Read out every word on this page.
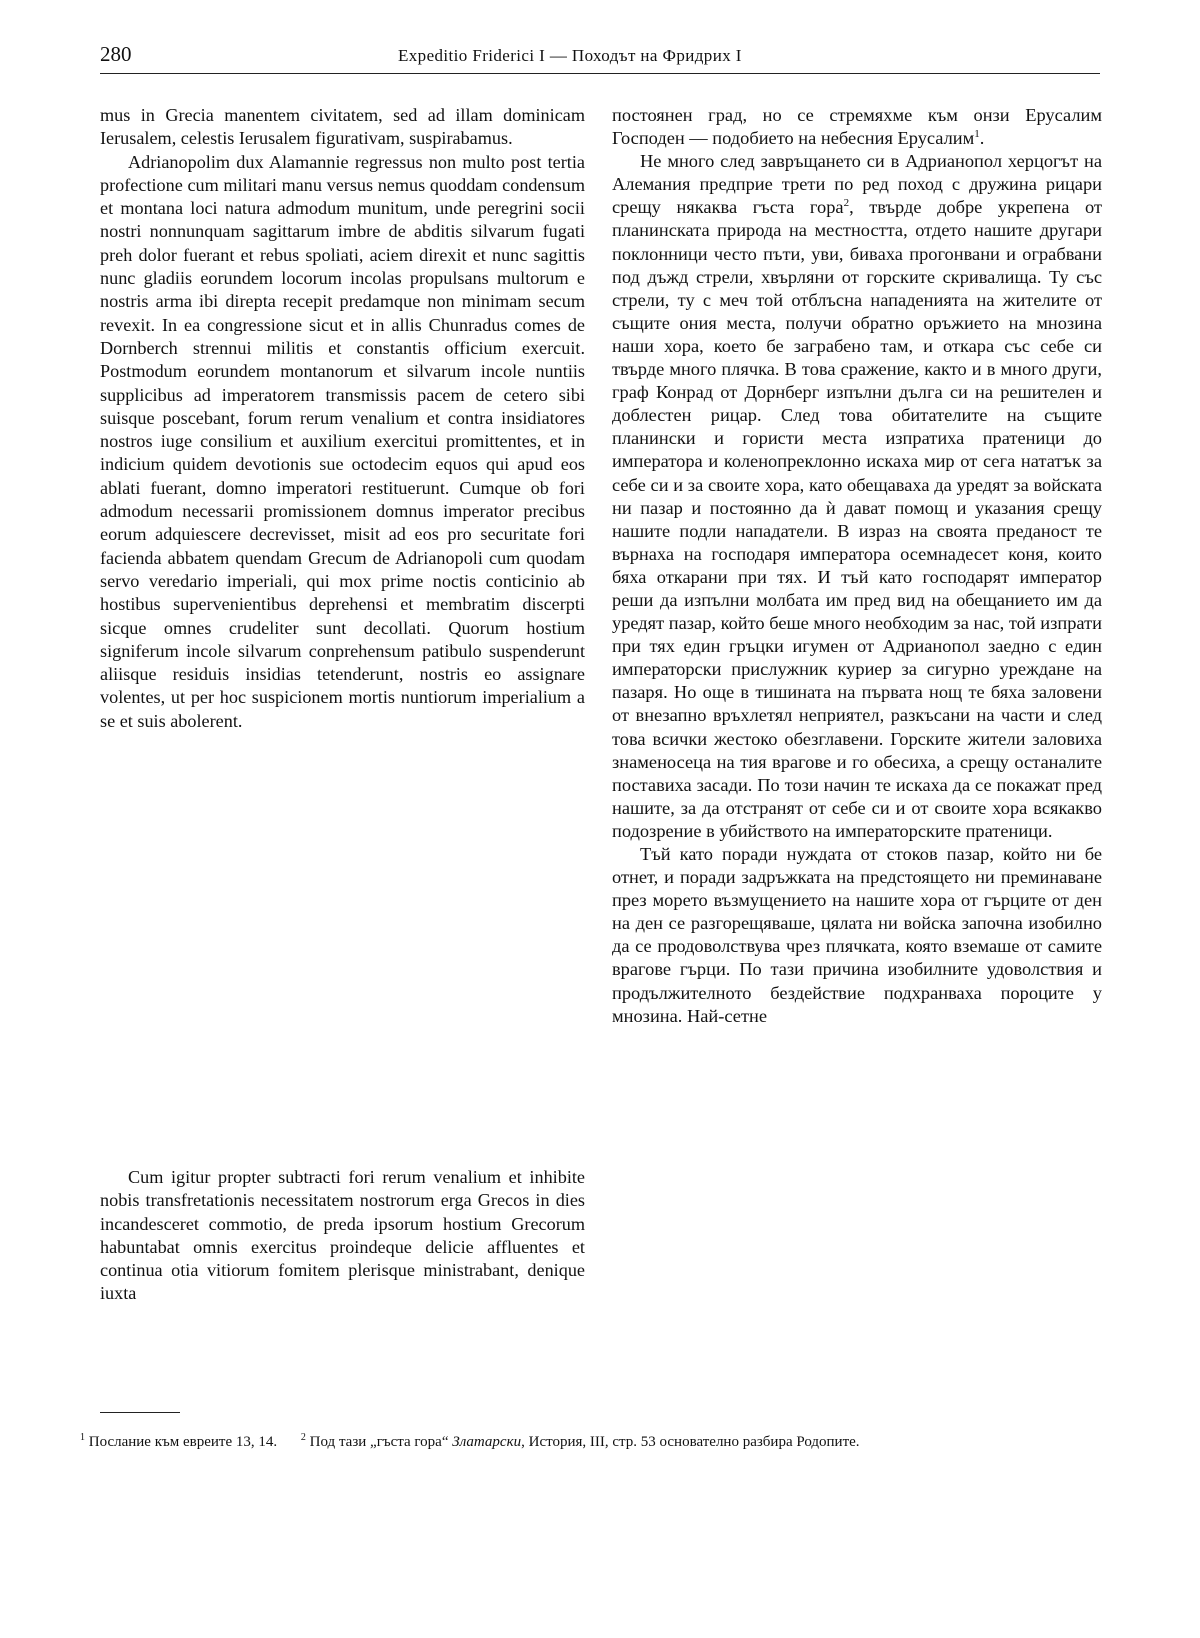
280	Expeditio Friderici I — Походът на Фридрих I

mus in Grecia manentem civitatem, sed ad illam dominicam Ierusalem, celestis Ierusalem figurativam, suspirabamus.

Adrianopolim dux Alamannie regressus non multo post tertia profectione cum militari manu versus nemus quoddam condensum et montana loci natura admodum munitum, unde peregrini socii nostri nonnunquam sagittarum imbre de abditis silvarum fugati preh dolor fuerant et rebus spoliati, aciem direxit et nunc sagittis nunc gladiis eorundem locorum incolas propulsans multorum e nostris arma ibi direpta recepit predamque non minimam secum revexit. In ea congressione sicut et in allis Chunradus comes de Dornberch strennui militis et constantis officium exercuit. Postmodum eorundem montanorum et silvarum incole nuntiis supplicibus ad imperatorem transmissis pacem de cetero sibi suisque poscebant, forum rerum venalium et contra insidiatores nostros iuge consilium et auxilium exercitui promittentes, et in indicium quidem devotionis sue octodecim equos qui apud eos ablati fuerant, domno imperatori restituerunt. Cumque ob fori admodum necessarii promissionem domnus imperator precibus eorum adquiescere decrevisset, misit ad eos pro securitate fori facienda abbatem quendam Grecum de Adrianopoli cum quodam servo veredario imperiali, qui mox prime noctis conticinio ab hostibus supervenientibus deprehensi et membratim discerpti sicque omnes crudeliter sunt decollati. Quorum hostium signiferum incole silvarum conprehensum patibulo suspenderunt aliisque residuis insidias tetenderunt, nostris eo assignare volentes, ut per hoc suspicionem mortis nuntiorum imperialium a se et suis abolerent.

Cum igitur propter subtracti fori rerum venalium et inhibite nobis transfretationis necessitatem nostrorum erga Grecos in dies incandesceret commotio, de preda ipsorum hostium Grecorum habuntabat omnis exercitus proindeque delicie affluentes et continua otia vitiorum fomitem plerisque ministrabant, denique iuxta

постоянен град, но се стремяхме към онзи Ерусалим Господен — подобието на небесния Ерусалим$^1$.

Не много след завръщането си в Адрианопол херцогът на Алемания предприе трети по ред поход с дружина рицари срещу някаква гъста гора$^2$, твърде добре укрепена от планинската природа на местността, отдето нашите другари поклонници често пъти, уви, бивaха прогонвани и ограбвани под дъжд стрели, хвърляни от горските скривалища. Ту със стрели, ту с меч той отблъсна нападенията на жителите от същите ония места, получи обратно оръжието на мнозина наши хора, което бе заграбено там, и откара със себе си твърде много плячка. В това сражение, както и в много други, граф Конрад от Дорнберг изпълни дълга си на решителен и доблестен рицар. След това обитателите на същите планински и гористи места изпратиха пратеници до императора и коленопреклонно искаха мир от сега нататък за себе си и за своите хора, като обещаваха да уредят за войската ни пазар и постоянно да ѝ дават помощ и указания срещу нашите подли нападатели. В израз на своята преданост те върнаха на господаря императорa осемнадесет коня, които бяха откарани при тях. И тъй като господарят император реши да изпълни молбата им пред вид на обещанието им да уредят пазар, който беше много необходим за нас, той изпрати при тях един гръцки игумен от Адрианопол заедно с един императорски прислужник куриер за сигурно уреждане на пазаря. Но още в тишината на първата нощ те бяха заловени от внезапно връхлетял неприятел, разкъсани на части и след това всички жестоко обезглавени. Горските жители заловиха знаменосеца на тия врагове и го обесиха, а срещу останалите поставиха засади. По този начин те искаха да се покажат пред нашите, за да отстранят от себе си и от своите хора всякакво подозрение в убийството на императорските пратеници.

Тъй като поради нуждата от стоков пазар, който ни бе отнет, и поради задръжката на предстоящето ни преминаване през морето възмущението на нашите хора от гърците от ден на ден се разгорещяваше, цялата ни войска започна изобилно да се продоволствува чрез плячката, която вземаше от самите врагове гърци. По тази причина изобилните удоволствия и продължителното бездействие подхранваха пороците у мнозина. Най-сетне

$^1$ Послание към евреите 13, 14. $^2$ Под тази „гъста гора“ Златарски, История, III, стр. 53 основателно разбира Родопите.
